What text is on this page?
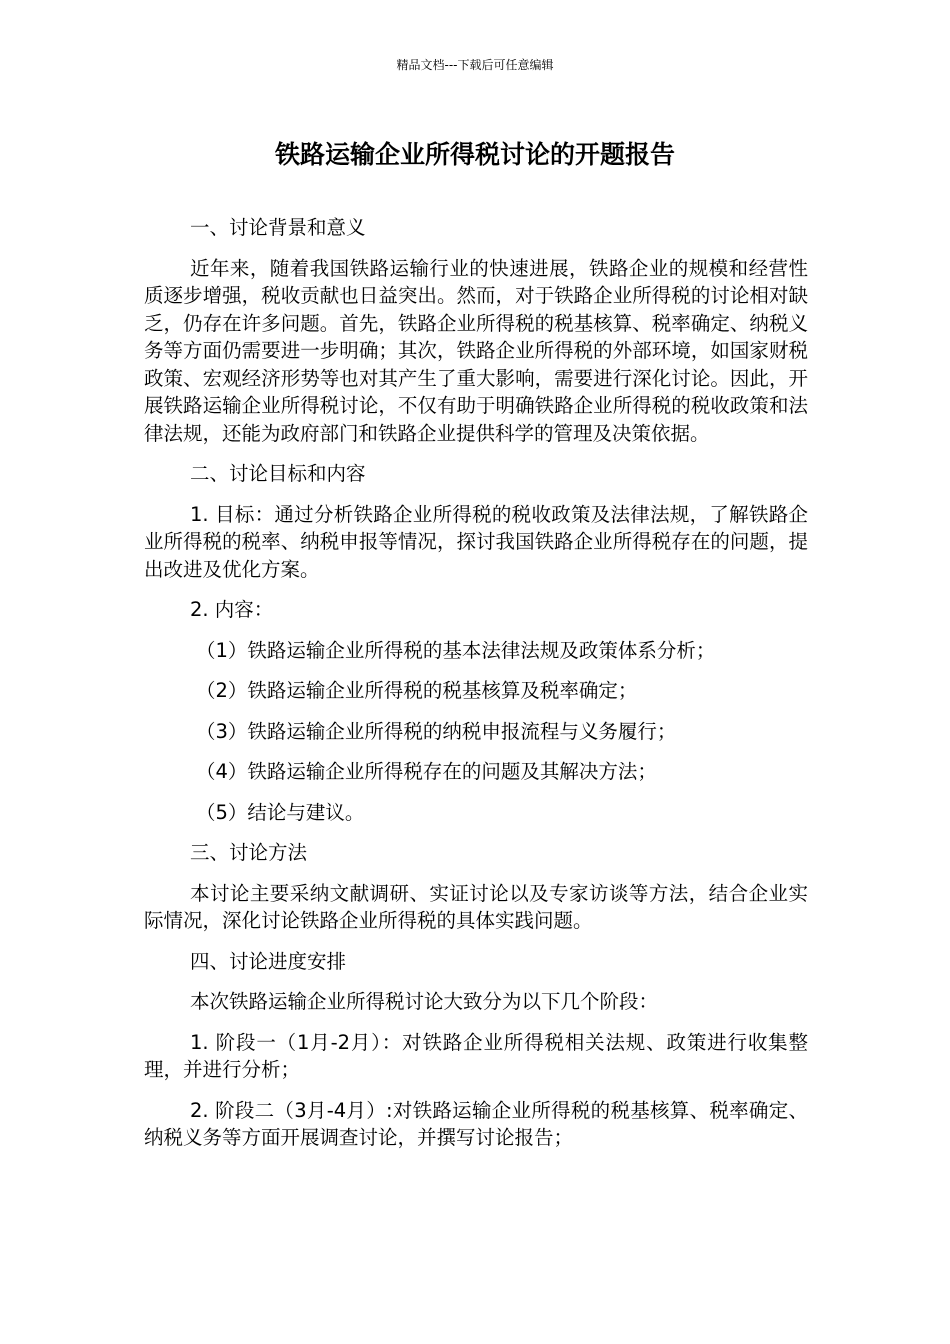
精品文档---下载后可任意编辑
铁路运输企业所得税讨论的开题报告

一、讨论背景和意义

近年来，随着我国铁路运输行业的快速进展，铁路企业的规模和经营性质逐步增强，税收贡献也日益突出。然而，对于铁路企业所得税的讨论相对缺乏，仍存在许多问题。首先，铁路企业所得税的税基核算、税率确定、纳税义务等方面仍需要进一步明确；其次，铁路企业所得税的外部环境，如国家财税政策、宏观经济形势等也对其产生了重大影响，需要进行深化讨论。因此，开展铁路运输企业所得税讨论，不仅有助于明确铁路企业所得税的税收政策和法律法规，还能为政府部门和铁路企业提供科学的管理及决策依据。

二、讨论目标和内容

1. 目标：通过分析铁路企业所得税的税收政策及法律法规，了解铁路企业所得税的税率、纳税申报等情况，探讨我国铁路企业所得税存在的问题，提出改进及优化方案。

2. 内容：

（1）铁路运输企业所得税的基本法律法规及政策体系分析；

（2）铁路运输企业所得税的税基核算及税率确定；

（3）铁路运输企业所得税的纳税申报流程与义务履行；

（4）铁路运输企业所得税存在的问题及其解决方法；

（5）结论与建议。

三、讨论方法

本讨论主要采纳文献调研、实证讨论以及专家访谈等方法，结合企业实际情况，深化讨论铁路企业所得税的具体实践问题。

四、讨论进度安排

本次铁路运输企业所得税讨论大致分为以下几个阶段：

1. 阶段一（1月-2月）：对铁路企业所得税相关法规、政策进行收集整理，并进行分析；

2. 阶段二（3月-4月）:对铁路运输企业所得税的税基核算、税率确定、纳税义务等方面开展调查讨论，并撰写讨论报告；
